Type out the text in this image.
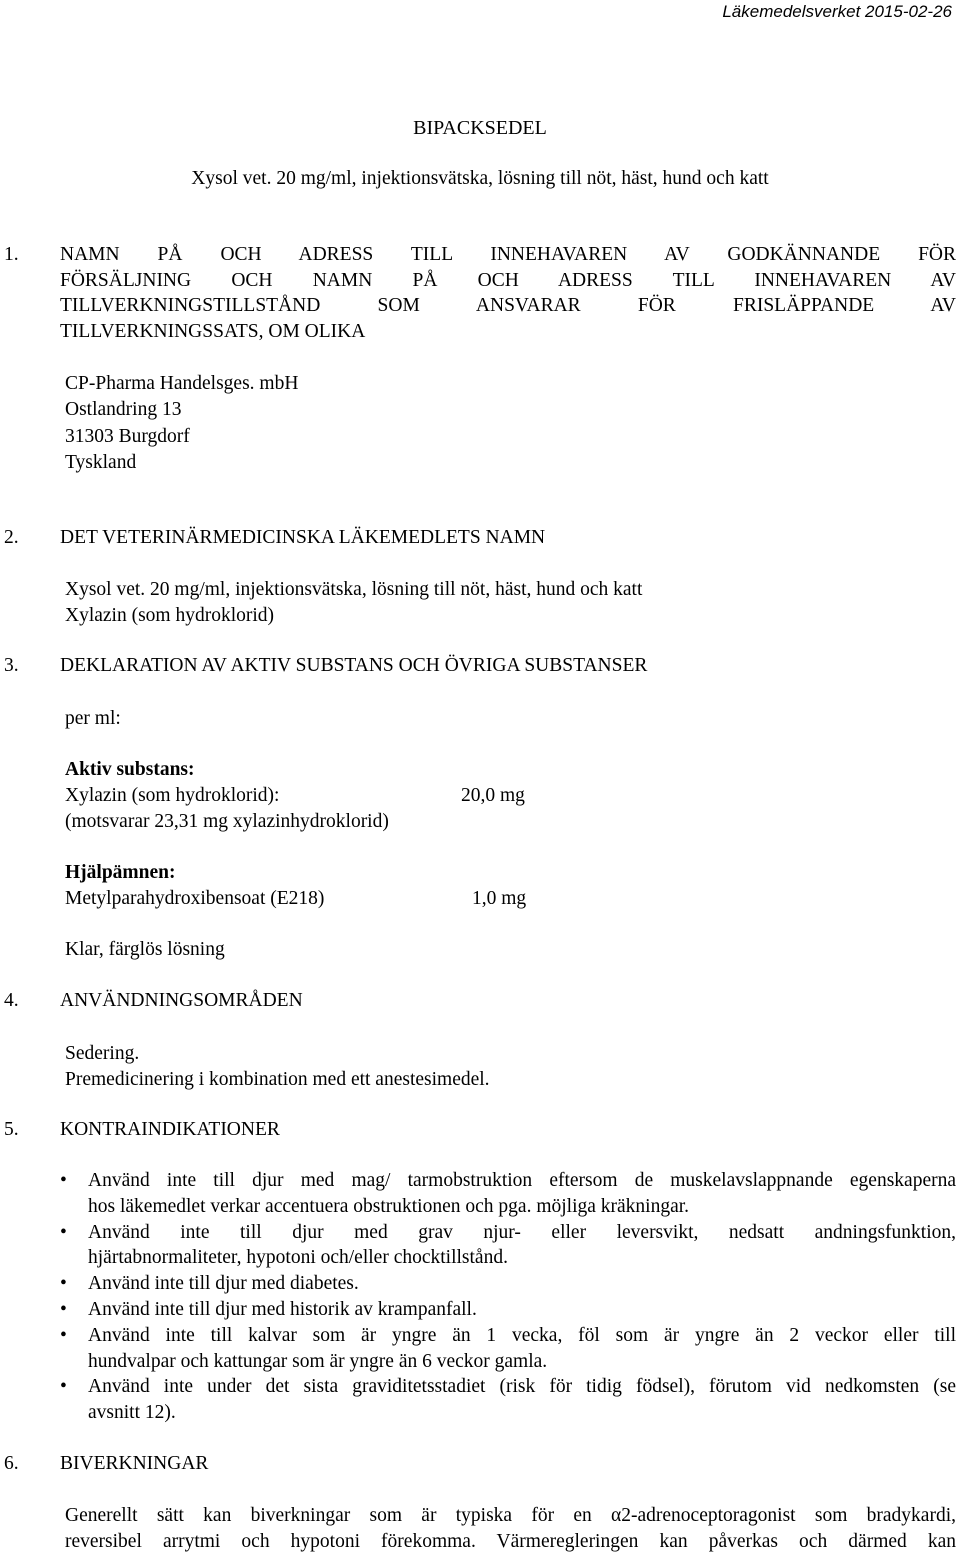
Läkemedelsverket 2015-02-26
BIPACKSEDEL
Xysol vet. 20 mg/ml, injektionsvätska, lösning till nöt, häst, hund och katt
1. NAMN PÅ OCH ADRESS TILL INNEHAVAREN AV GODKÄNNANDE FÖR
FÖRSÄLJNING OCH NAMN PÅ OCH ADRESS TILL INNEHAVAREN AV
TILLVERKNINGSTILLSTÅND SOM ANSVARAR FÖR FRISLÄPPANDE AV
TILLVERKNINGSSATS, OM OLIKA
CP-Pharma Handelsges. mbH
Ostlandring 13
31303 Burgdorf
Tyskland
2. DET VETERINÄRMEDICINSKA LÄKEMEDLETS NAMN
Xysol vet. 20 mg/ml, injektionsvätska, lösning till nöt, häst, hund och katt
Xylazin (som hydroklorid)
3. DEKLARATION AV AKTIV SUBSTANS OCH ÖVRIGA SUBSTANSER
per ml:
Aktiv substans:
Xylazin (som hydroklorid):	20,0 mg
(motsvarar 23,31 mg xylazinhydroklorid)
Hjälpämnen:
Metylparahydroxibensoat (E218)	1,0 mg
Klar, färglös lösning
4. ANVÄNDNINGSOMRÅDEN
Sedering.
Premedicinering i kombination med ett anestesimedel.
5. KONTRAINDIKATIONER
• Använd inte till djur med mag/ tarmobstruktion eftersom de muskelavslappnande egenskaperna
hos läkemedlet verkar accentuera obstruktionen och pga. möjliga kräkningar.
• Använd inte till djur med grav njur- eller leversvikt, nedsatt andningsfunktion,
hjärtabnormaliteter, hypotoni och/eller chocktillstånd.
• Använd inte till djur med diabetes.
• Använd inte till djur med historik av krampanfall.
• Använd inte till kalvar som är yngre än 1 vecka, föl som är yngre än 2 veckor eller till
hundvalpar och kattungar som är yngre än 6 veckor gamla.
• Använd inte under det sista graviditetsstadiet (risk för tidig födsel), förutom vid nedkomsten (se
avsnitt 12).
6. BIVERKNINGAR
Generellt sätt kan biverkningar som är typiska för en α2-adrenoceptoragonist som bradykardi,
reversibel arrytmi och hypotoni förekomma. Värmeregleringen kan påverkas och därmed kan
